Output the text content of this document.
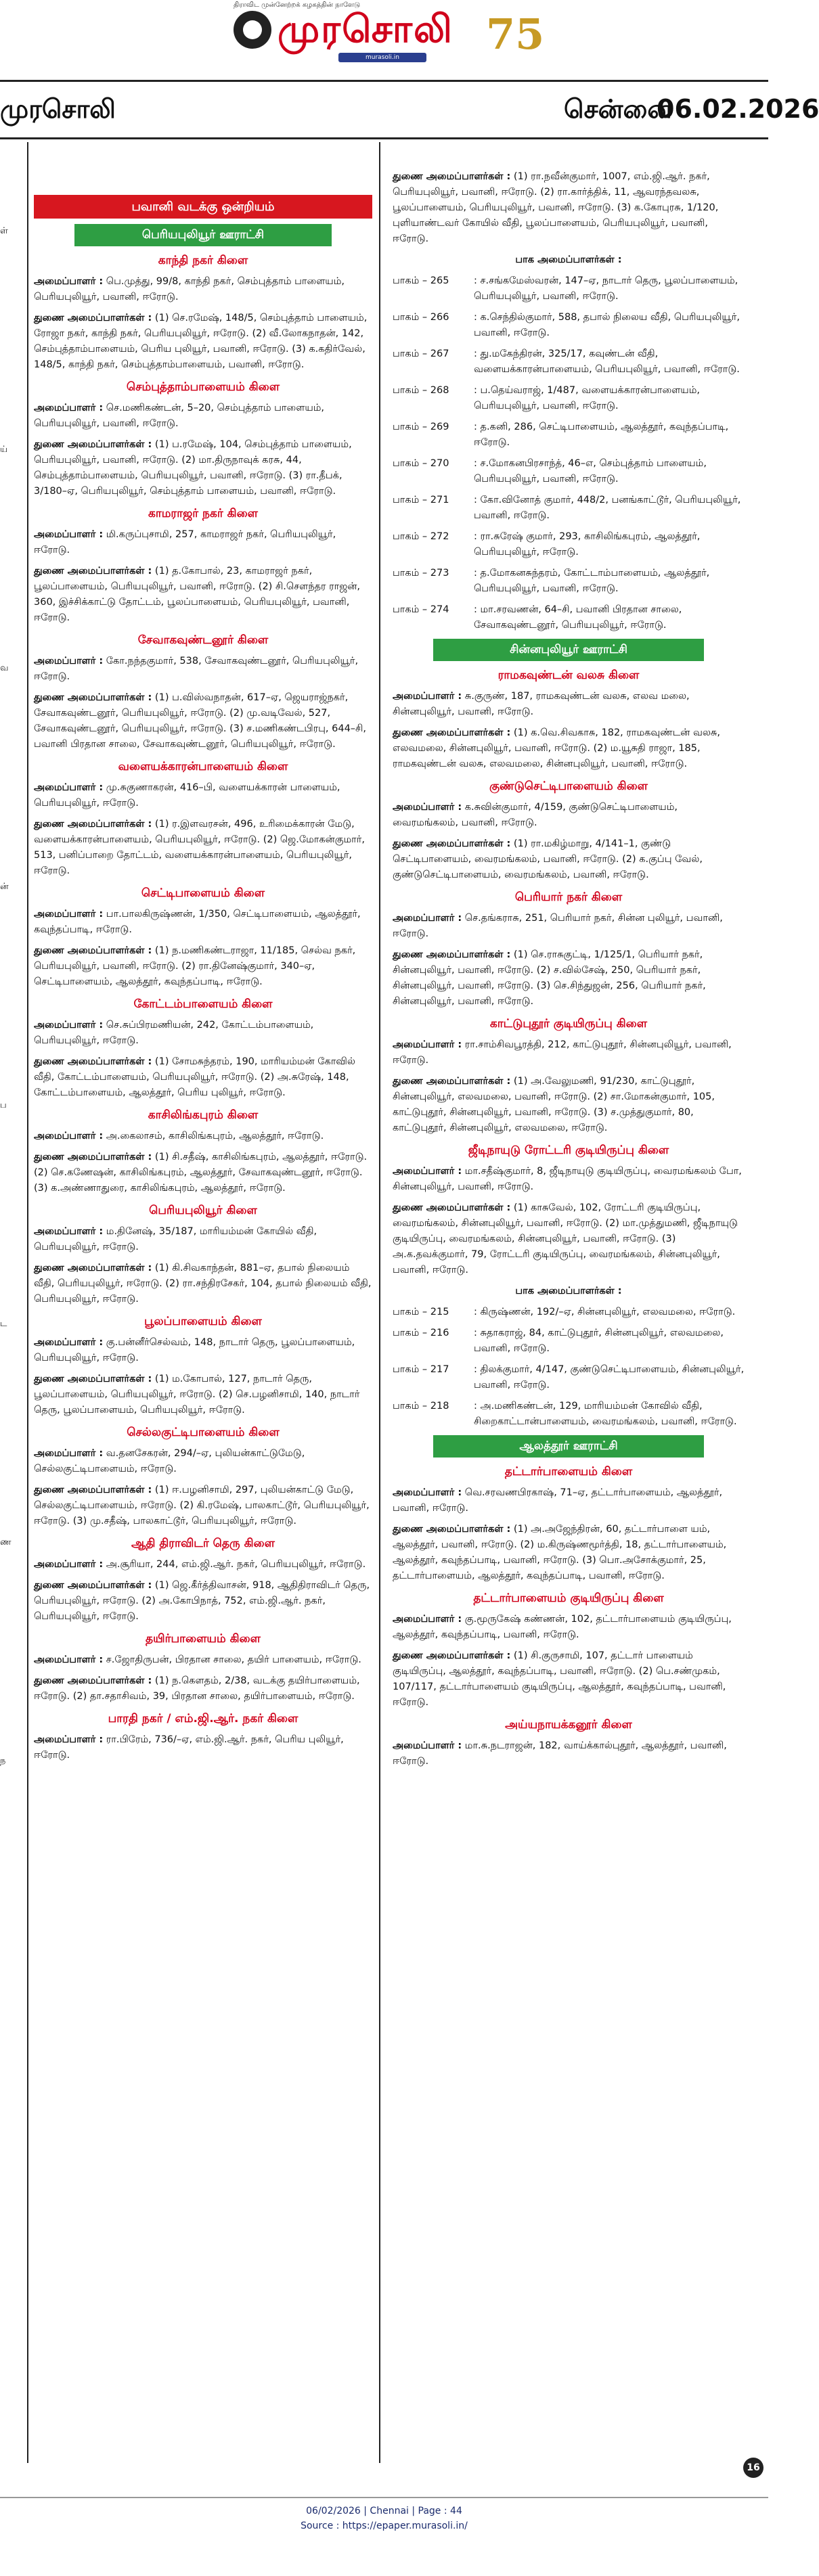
திராவிட முன்னேற்றக் கழகத்தின் நாளேடு
முரசொலி
murasoli.in	75
முரசொலி	சென்னை
06.02.2026
ள்
ய்
வ
ன்
ப
ட
ண
ந
பவானி வடக்கு ஒன்றியம்
பெரியபுலியூர் ஊராட்சி
காந்தி நகர் கிளை

அமைப்பாளர் : பெ.முத்து, 99/8, காந்தி நகர், செம்புத்தாம் பாளையம், பெரியபுலியூர், பவானி, ஈரோடு.

துணை அமைப்பாளர்கள் : (1) செ.ரமேஷ், 148/5, செம்புத்தாம் பாளையம், ரோஜா நகர், காந்தி நகர், பெரியபுலியூர், ஈரோடு. (2) வீ.லோகநாதன், 142, செம்புத்தாம்பாளையம், பெரிய புலியூர், பவானி, ஈரோடு. (3) க.கதிர்வேல், 148/5, காந்தி நகர், செம்புத்தாம்பாளையம், பவானி, ஈரோடு.

செம்புத்தாம்பாளையம் கிளை

அமைப்பாளர் : செ.மணிகண்டன், 5–20, செம்புத்தாம் பாளையம், பெரியபுலியூர், பவானி, ஈரோடு.

துணை அமைப்பாளர்கள் : (1) ப.ரமேஷ், 104, செம்புத்தாம் பாளையம், பெரியபுலியூர், பவானி, ஈரோடு. (2) மா.திருநாவுக் கரசு, 44, செம்புத்தாம்பாளையம், பெரியபுலியூர், பவானி, ஈரோடு. (3) ரா.தீபக், 3/180–ஏ, பெரியபுலியூர், செம்புத்தாம் பாளையம், பவானி, ஈரோடு.

காமராஜர் நகர் கிளை

அமைப்பாளர் : மி.கருப்புசாமி, 257, காமராஜர் நகர், பெரியபுலியூர், ஈரோடு.

துணை அமைப்பாளர்கள் : (1) த.கோபால், 23, காமராஜர் நகர், பூலப்பாளையம், பெரியபுலியூர், பவானி, ஈரோடு. (2) சி.செளந்தர ராஜன், 360, இச்சிக்காட்டு தோட்டம், பூலப்பாளையம், பெரியபுலியூர், பவானி, ஈரோடு.

சேவாகவுண்டனூர் கிளை

அமைப்பாளர் : கோ.நந்தகுமார், 538, சேவாகவுண்டனூர், பெரியபுலியூர், ஈரோடு.

துணை அமைப்பாளர்கள் : (1) ப.விஸ்வநாதன், 617–ஏ, ஜெயராஜ்நகர், சேவாகவுண்டனூர், பெரியபுலியூர், ஈரோடு. (2) மு.வடிவேல், 527, சேவாகவுண்டனூர், பெரியபுலியூர், ஈரோடு. (3) ச.மணிகண்டபிரபு, 644–சி, பவானி பிரதான சாலை, சேவாகவுண்டனூர், பெரியபுலியூர், ஈரோடு.

வளையக்காரன்பாளையம் கிளை

அமைப்பாளர் : மு.சுகுணாகரன், 416–பி, வளையக்காரன் பாளையம், பெரியபுலியூர், ஈரோடு.

துணை அமைப்பாளர்கள் : (1) ர.இளவரசன், 496, உரிமைக்காரன் மேடு, வளையக்காரன்பாளையம், பெரியபுலியூர், ஈரோடு. (2) ஜெ.மோகன்குமார், 513, பனிப்பாறை தோட்டம், வளையக்காரன்பாளையம், பெரியபுலியூர், ஈரோடு.

செட்டிபாளையம் கிளை

அமைப்பாளர் : பா.பாலகிருஷ்ணன், 1/350, செட்டிபாளையம், ஆலத்தூர், கவுந்தப்பாடி, ஈரோடு.

துணை அமைப்பாளர்கள் : (1) ந.மணிகண்டராஜா, 11/185, செல்வ நகர், பெரியபுலியூர், பவானி, ஈரோடு. (2) ரா.தினேஷ்குமார், 340–ஏ, செட்டிபாளையம், ஆலத்தூர், கவுந்தப்பாடி, ஈரோடு.

கோட்டம்பாளையம் கிளை

அமைப்பாளர் : செ.சுப்பிரமணியன், 242, கோட்டம்பாளையம், பெரியபுலியூர், ஈரோடு.

துணை அமைப்பாளர்கள் : (1) சோமசுந்தரம், 190, மாரியம்மன் கோவில் வீதி, கோட்டம்பாளையம், பெரியபுலியூர், ஈரோடு. (2) அ.சுரேஷ், 148, கோட்டம்பாளையம், ஆலத்தூர், பெரிய புலியூர், ஈரோடு.

காசிலிங்கபுரம் கிளை

அமைப்பாளர் : அ.கைலாசம், காசிலிங்கபுரம், ஆலத்தூர், ஈரோடு.

துணை அமைப்பாளர்கள் : (1) சி.சதீஷ், காசிலிங்கபுரம், ஆலத்தூர், ஈரோடு. (2) செ.கணேஷன், காசிலிங்கபுரம், ஆலத்தூர், சேவாகவுண்டனூர், ஈரோடு. (3) க.அண்ணாதுரை, காசிலிங்கபுரம், ஆலத்தூர், ஈரோடு.

பெரியபுலியூர் கிளை

அமைப்பாளர் : ம.தினேஷ், 35/187, மாரியம்மன் கோயில் வீதி, பெரியபுலியூர், ஈரோடு.

துணை அமைப்பாளர்கள் : (1) கி.சிவகாந்தன், 881–ஏ, தபால் நிலையம் வீதி, பெரியபுலியூர், ஈரோடு. (2) ரா.சந்திரசேகர், 104, தபால் நிலையம் வீதி, பெரியபுலியூர், ஈரோடு.

பூலப்பாளையம் கிளை

அமைப்பாளர் : கு.பன்னீர்செல்வம், 148, நாடார் தெரு, பூலப்பாளையம், பெரியபுலியூர், ஈரோடு.

துணை அமைப்பாளர்கள் : (1) ம.கோபால், 127, நாடார் தெரு, பூலப்பாளையம், பெரியபுலியூர், ஈரோடு. (2) செ.பழனிசாமி, 140, நாடார் தெரு, பூலப்பாளையம், பெரியபுலியூர், ஈரோடு.

செல்லகுட்டிபாளையம் கிளை

அமைப்பாளர் : வ.தனசேகரன், 294/–ஏ, புலியன்காட்டுமேடு, செல்லகுட்டிபாளையம், ஈரோடு.

துணை அமைப்பாளர்கள் : (1) ஈ.பழனிசாமி, 297, புலியன்காட்டு மேடு, செல்லகுட்டிபாளையம், ஈரோடு. (2) கி.ரமேஷ், பாலகாட்டூர், பெரியபுலியூர், ஈரோடு. (3) மு.சதீஷ், பாலகாட்டூர், பெரியபுலியூர், ஈரோடு.

ஆதி திராவிடர் தெரு கிளை

அமைப்பாளர் : அ.சூரியா, 244, எம்.ஜி.ஆர். நகர், பெரியபுலியூர், ஈரோடு.

துணை அமைப்பாளர்கள் : (1) ஜெ.கீர்த்திவாசன், 918, ஆதிதிராவிடர் தெரு, பெரியபுலியூர், ஈரோடு. (2) அ.கோபிநாத், 752, எம்.ஜி.ஆர். நகர், பெரியபுலியூர், ஈரோடு.

தயிர்பாளையம் கிளை

அமைப்பாளர் : ச.ஜோதிருபன், பிரதான சாலை, தயிர் பாளையம், ஈரோடு.

துணை அமைப்பாளர்கள் : (1) ந.கௌதம், 2/38, வடக்கு தயிர்பாளையம், ஈரோடு. (2) தா.சதாசிவம், 39, பிரதான சாலை, தயிர்பாளையம், ஈரோடு.

பாரதி நகர் / எம்.ஜி.ஆர். நகர் கிளை

அமைப்பாளர் : ரா.பிரேம், 736/–ஏ, எம்.ஜி.ஆர். நகர், பெரிய புலியூர், ஈரோடு.

துணை அமைப்பாளர்கள் : (1) ரா.நவீன்குமார், 1007, எம்.ஜி.ஆர். நகர், பெரியபுலியூர், பவானி, ஈரோடு. (2) ரா.கார்த்திக், 11, ஆவரந்தவலசு, பூலப்பாளையம், பெரியபுலியூர், பவானி, ஈரோடு. (3) க.கோபுரசு, 1/120, புளியாண்டவர் கோயில் வீதி, பூலப்பாளையம், பெரியபுலியூர், பவானி, ஈரோடு.

பாக அமைப்பாளர்கள் :
பாகம் – 265	: ச.சங்கமேஸ்வரன், 147–ஏ, நாடார் தெரு, பூலப்பாளையம், பெரியபுலியூர், பவானி, ஈரோடு.
பாகம் – 266	: க.செந்தில்குமார், 588, தபால் நிலைய வீதி, பெரியபுலியூர், பவானி, ஈரோடு.
பாகம் – 267	: து.மகேந்திரன், 325/17, கவுண்டன் வீதி, வளையக்காரன்பாளையம், பெரியபுலியூர், பவானி, ஈரோடு.
பாகம் – 268	: ப.தெய்வராஜ், 1/487, வளையக்காரன்பாளையம், பெரியபுலியூர், பவானி, ஈரோடு.
பாகம் – 269	: த.கனி, 286, செட்டிபாளையம், ஆலத்தூர், கவுந்தப்பாடி, ஈரோடு.
பாகம் – 270	: ச.மோகனபிரசாந்த், 46–எ, செம்புத்தாம் பாளையம், பெரியபுலியூர், பவானி, ஈரோடு.
பாகம் – 271	: கோ.வினோத் குமார், 448/2, பனங்காட்டூர், பெரியபுலியூர், பவானி, ஈரோடு.
பாகம் – 272	: ரா.சுரேஷ் குமார், 293, காசிலிங்கபுரம், ஆலத்தூர், பெரியபுலியூர், ஈரோடு.
பாகம் – 273	: த.மோகனசுந்தரம், கோட்டாம்பாளையம், ஆலத்தூர், பெரியபுலியூர், பவானி, ஈரோடு.
பாகம் – 274	: மா.சரவணன், 64–சி, பவானி பிரதான சாலை, சேவாகவுண்டனூர், பெரியபுலியூர், ஈரோடு.
சின்னபுலியூர் ஊராட்சி
ராமகவுண்டன் வலசு கிளை

அமைப்பாளர் : சு.குருண், 187, ராமகவுண்டன் வலசு, எலவ மலை, சின்னபுலியூர், பவானி, ஈரோடு.

துணை அமைப்பாளர்கள் : (1) க.வெ.சிவகாசு, 182, ராமகவுண்டன் வலசு, எலவமலை, சின்னபுலியூர், பவானி, ஈரோடு. (2) ம.யூசுதி ராஜா, 185, ராமகவுண்டன் வலசு, எலவமலை, சின்னபுலியூர், பவானி, ஈரோடு.

குண்டுசெட்டிபாளையம் கிளை

அமைப்பாளர் : க.சுவின்குமார், 4/159, குண்டுசெட்டிபாளையம், வைரமங்கலம், பவானி, ஈரோடு.

துணை அமைப்பாளர்கள் : (1) ரா.மகிழ்மாறு, 4/141–1, குண்டு செட்டிபாளையம், வைரமங்கலம், பவானி, ஈரோடு. (2) க.குப்பு வேல், குண்டுசெட்டிபாளையம், வைரமங்கலம், பவானி, ஈரோடு.

பெரியார் நகர் கிளை

அமைப்பாளர் : செ.தங்கராசு, 251, பெரியார் நகர், சின்ன புலியூர், பவானி, ஈரோடு.

துணை அமைப்பாளர்கள் : (1) செ.ராசுகுட்டி, 1/125/1, பெரியார் நகர், சின்னபுலியூர், பவானி, ஈரோடு. (2) ச.வில்சேஷ், 250, பெரியார் நகர், சின்னபுலியூர், பவானி, ஈரோடு. (3) செ.சிந்துஜன், 256, பெரியார் நகர், சின்னபுலியூர், பவானி, ஈரோடு.

காட்டுபுதூர் குடியிருப்பு கிளை

அமைப்பாளர் : ரா.சாம்சிவபூரத்தி, 212, காட்டுபுதூர், சின்னபுலியூர், பவானி, ஈரோடு.

துணை அமைப்பாளர்கள் : (1) அ.வேலுமணி, 91/230, காட்டுபுதூர், சின்னபுலியூர், எலவமலை, பவானி, ஈரோடு. (2) சா.மோகன்குமார், 105, காட்டுபுதூர், சின்னபுலியூர், பவானி, ஈரோடு. (3) ச.முத்துகுமார், 80, காட்டுபுதூர், சின்னபுலியூர், எலவமலை, ஈரோடு.

ஜீடிநாயுடு ரோட்டரி குடியிருப்பு கிளை

அமைப்பாளர் : மா.சதீஷ்குமார், 8, ஜீடிநாயுடு குடியிருப்பு, வைரமங்கலம் போ, சின்னபுலியூர், பவானி, ஈரோடு.

துணை அமைப்பாளர்கள் : (1) காசுவேல், 102, ரோட்டரி குடியிருப்பு, வைரமங்கலம், சின்னபுலியூர், பவானி, ஈரோடு. (2) மா.முத்துமணி, ஜீடிநாயுடு குடியிருப்பு, வைரமங்கலம், சின்னபுலியூர், பவானி, ஈரோடு. (3) அ.க.தவக்குமார், 79, ரோட்டரி குடியிருப்பு, வைரமங்கலம், சின்னபுலியூர், பவானி, ஈரோடு.

பாக அமைப்பாளர்கள் :
பாகம் – 215	: கிருஷ்ணன், 192/–ஏ, சின்னபுலியூர், எலவமலை, ஈரோடு.
பாகம் – 216	: சுதாகராஜ், 84, காட்டுபுதூர், சின்னபுலியூர், எலவமலை, பவானி, ஈரோடு.
பாகம் – 217	: திலக்குமார், 4/147, குண்டுசெட்டிபாளையம், சின்னபுலியூர், பவானி, ஈரோடு.
பாகம் – 218	: அ.மணிகண்டன், 129, மாரியம்மன் கோவில் வீதி, சிறைகாட்டான்பாளையம், வைரமங்கலம், பவானி, ஈரோடு.
ஆலத்தூர் ஊராட்சி
தட்டார்பாளையம் கிளை

அமைப்பாளர் : வெ.சரவணபிரகாஷ், 71–ஏ, தட்டார்பாளையம், ஆலத்தூர், பவானி, ஈரோடு.

துணை அமைப்பாளர்கள் : (1) அ.அஜேந்திரன், 60, தட்டார்பாளை யம், ஆலத்தூர், பவானி, ஈரோடு. (2) ம.கிருஷ்ணமூர்த்தி, 18, தட்டார்பாளையம், ஆலத்தூர், கவுந்தப்பாடி, பவானி, ஈரோடு. (3) பொ.அசோக்குமார், 25, தட்டார்பாளையம், ஆலத்தூர், கவுந்தப்பாடி, பவானி, ஈரோடு.

தட்டார்பாளையம் குடியிருப்பு கிளை

அமைப்பாளர் : கு.மூருகேஷ் கண்ணன், 102, தட்டார்பாளையம் குடியிருப்பு, ஆலத்தூர், கவுந்தப்பாடி, பவானி, ஈரோடு.

துணை அமைப்பாளர்கள் : (1) சி.குருசாமி, 107, தட்டார் பாளையம் குடியிருப்பு, ஆலத்தூர், கவுந்தப்பாடி, பவானி, ஈரோடு. (2) பெ.சண்முகம், 107/117, தட்டார்பாளையம் குடியிருப்பு, ஆலத்தூர், கவுந்தப்பாடி, பவானி, ஈரோடு.

அய்யநாயக்கனூர் கிளை

அமைப்பாளர் : மா.சு.நடராஜன், 182, வாய்க்கால்புதூர், ஆலத்தூர், பவானி, ஈரோடு.

16
06/02/2026 | Chennai | Page : 44
Source : https://epaper.murasoli.in/
